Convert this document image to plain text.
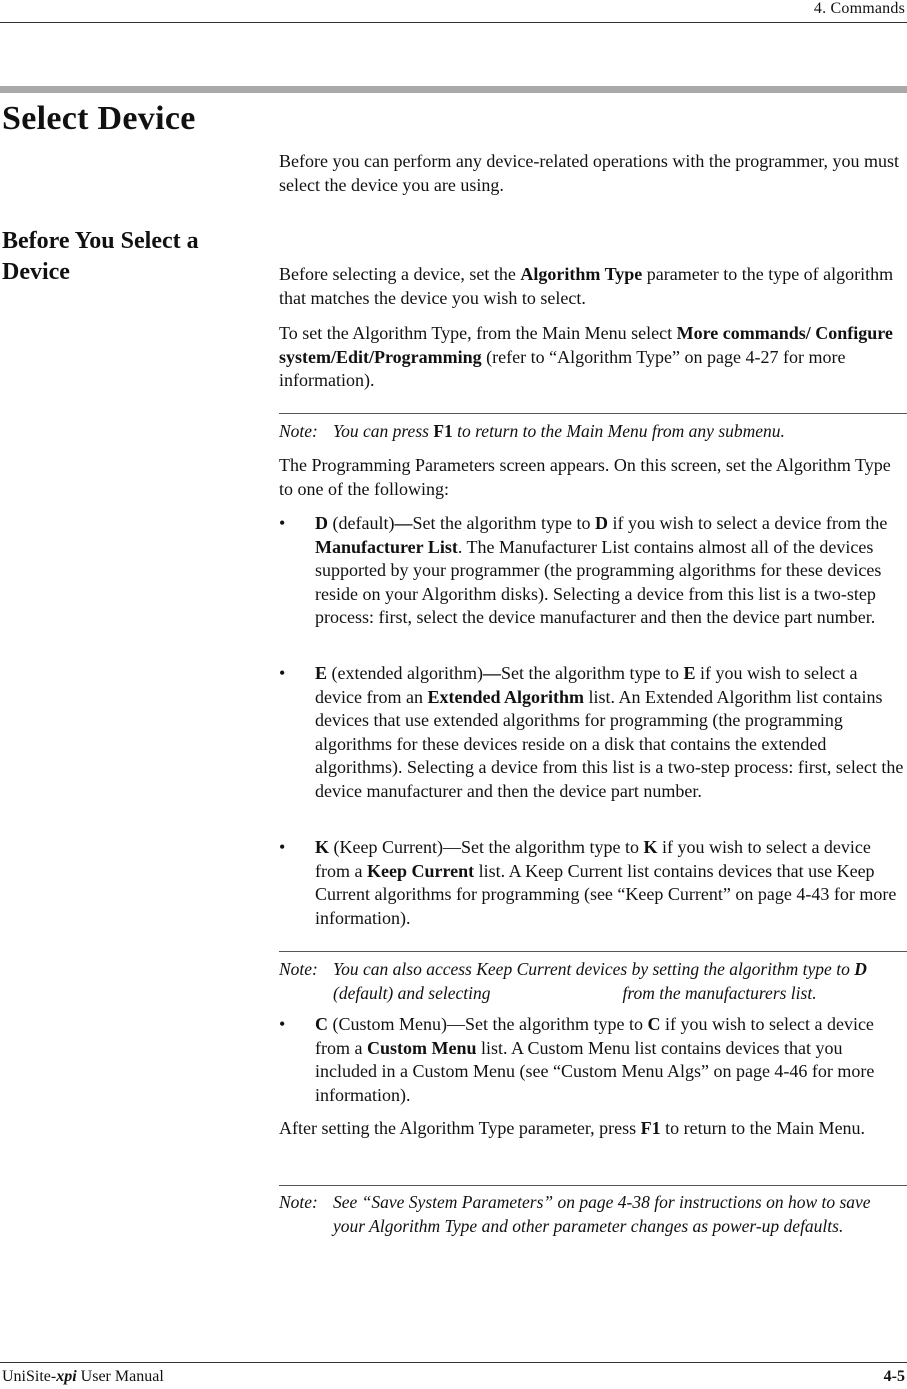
4. Commands
Select Device

Before you can perform any device-related operations with the programmer, you must select the device you are using.

Before You Select a Device	Before selecting a device, set the Algorithm Type parameter to the type of algorithm that matches the device you wish to select.

To set the Algorithm Type, from the Main Menu select More commands/ Configure system/Edit/Programming (refer to “Algorithm Type” on page 4-27 for more information).

Note: You can press F1 to return to the Main Menu from any submenu.

The Programming Parameters screen appears. On this screen, set the Algorithm Type to one of the following:

• D (default)—Set the algorithm type to D if you wish to select a device from the Manufacturer List. The Manufacturer List contains almost all of the devices supported by your programmer (the programming algorithms for these devices reside on your Algorithm disks). Selecting a device from this list is a two-step process: first, select the device manufacturer and then the device part number.
• E (extended algorithm)—Set the algorithm type to E if you wish to select a device from an Extended Algorithm list. An Extended Algorithm list contains devices that use extended algorithms for programming (the programming algorithms for these devices reside on a disk that contains the extended algorithms). Selecting a device from this list is a two-step process: first, select the device manufacturer and then the device part number.
• K (Keep Current)—Set the algorithm type to K if you wish to select a device from a Keep Current list. A Keep Current list contains devices that use Keep Current algorithms for programming (see “Keep Current” on page 4-43 for more information).
Note: You can also access Keep Current devices by setting the algorithm type to D (default) and selecting	from the manufacturers list.
• C (Custom Menu)—Set the algorithm type to C if you wish to select a device from a Custom Menu list. A Custom Menu list contains devices that you included in a Custom Menu (see “Custom Menu Algs” on page 4-46 for more information).

After setting the Algorithm Type parameter, press F1 to return to the Main Menu.

Note: See “Save System Parameters” on page 4-38 for instructions on how to save your Algorithm Type and other parameter changes as power-up defaults.
UniSite-xpi User Manual	4-5
